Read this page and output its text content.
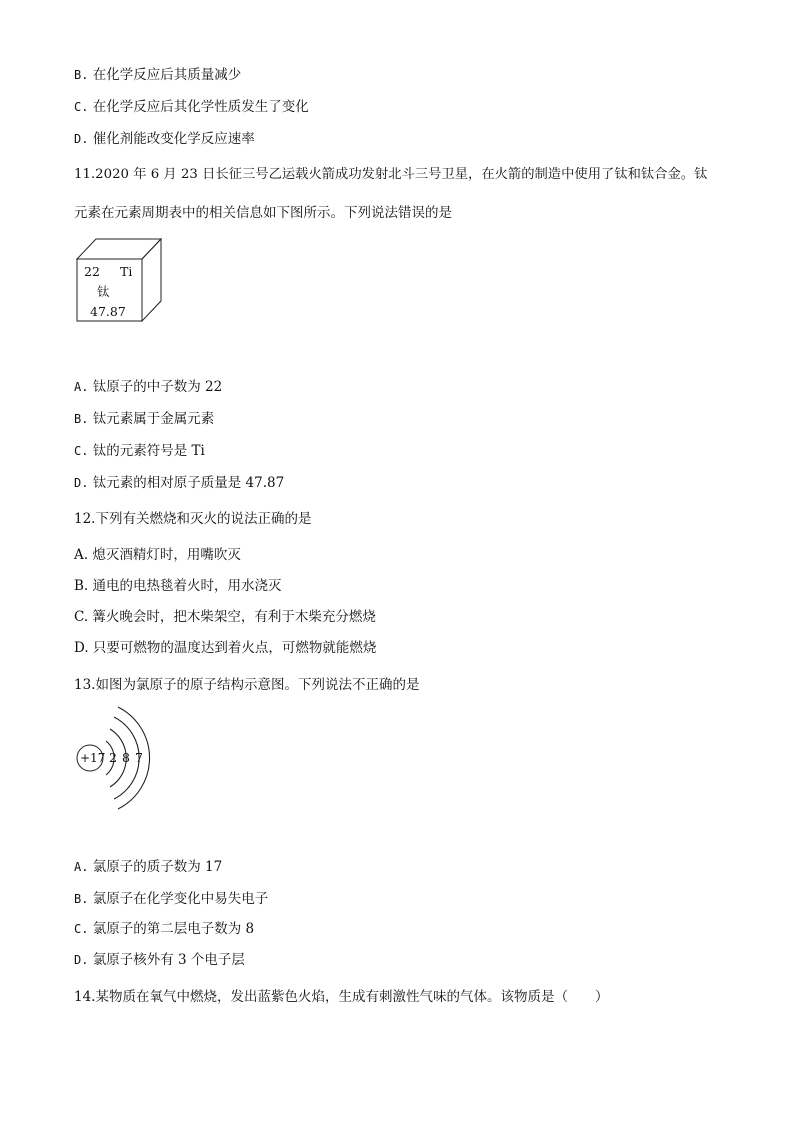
B. 在化学反应后其质量减少
C. 在化学反应后其化学性质发生了变化
D. 催化剂能改变化学反应速率
11.2020 年 6 月 23 日长征三号乙运载火箭成功发射北斗三号卫星，在火箭的制造中使用了钛和钛合金。钛
元素在元素周期表中的相关信息如下图所示。下列说法错误的是
22 Ti
钛
47.87
A. 钛原子的中子数为 22
B. 钛元素属于金属元素
C. 钛的元素符号是 Ti
D. 钛元素的相对原子质量是 47.87
12.下列有关燃烧和灭火的说法正确的是
A. 熄灭酒精灯时，用嘴吹灭
B. 通电的电热毯着火时，用水浇灭
C. 篝火晚会时，把木柴架空，有利于木柴充分燃烧
D. 只要可燃物的温度达到着火点，可燃物就能燃烧
13.如图为氯原子的原子结构示意图。下列说法不正确的是
+17 2 8 7
A. 氯原子的质子数为 17
B. 氯原子在化学变化中易失电子
C. 氯原子的第二层电子数为 8
D. 氯原子核外有 3 个电子层
14.某物质在氧气中燃烧，发出蓝紫色火焰，生成有刺激性气味的气体。该物质是（　　）
